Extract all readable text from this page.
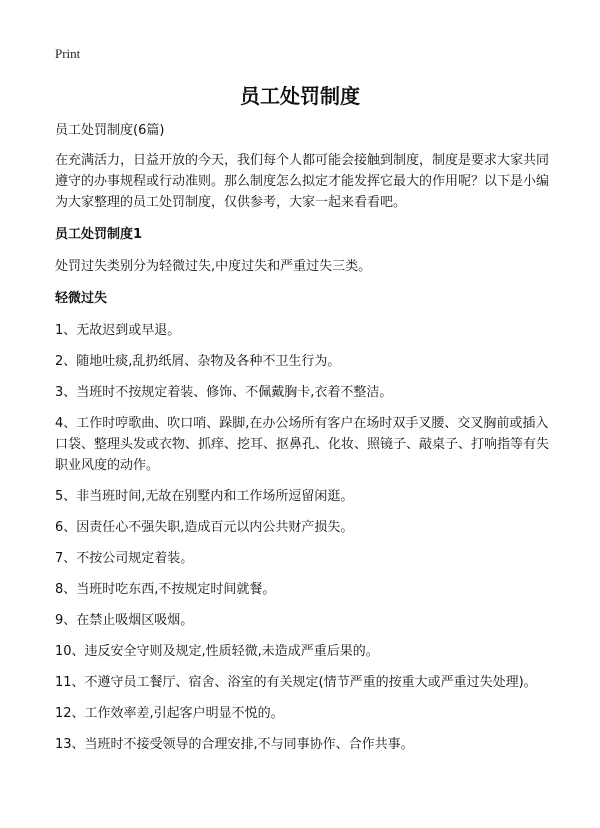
Print
员工处罚制度

员工处罚制度(6篇)

在充满活力，日益开放的今天，我们每个人都可能会接触到制度，制度是要求大家共同遵守的办事规程或行动准则。那么制度怎么拟定才能发挥它最大的作用呢？以下是小编为大家整理的员工处罚制度，仅供参考，大家一起来看看吧。

员工处罚制度1

处罚过失类别分为轻微过失,中度过失和严重过失三类。

轻微过失

1、无故迟到或早退。

2、随地吐痰,乱扔纸屑、杂物及各种不卫生行为。

3、当班时不按规定着装、修饰、不佩戴胸卡,衣着不整洁。

4、工作时哼歌曲、吹口哨、跺脚,在办公场所有客户在场时双手叉腰、交叉胸前或插入口袋、整理头发或衣物、抓痒、挖耳、抠鼻孔、化妆、照镜子、敲桌子、打响指等有失职业风度的动作。

5、非当班时间,无故在别墅内和工作场所逗留闲逛。

6、因责任心不强失职,造成百元以内公共财产损失。

7、不按公司规定着装。

8、当班时吃东西,不按规定时间就餐。

9、在禁止吸烟区吸烟。

10、违反安全守则及规定,性质轻微,未造成严重后果的。

11、不遵守员工餐厅、宿舍、浴室的有关规定(情节严重的按重大或严重过失处理)。

12、工作效率差,引起客户明显不悦的。

13、当班时不接受领导的合理安排,不与同事协作、合作共事。
